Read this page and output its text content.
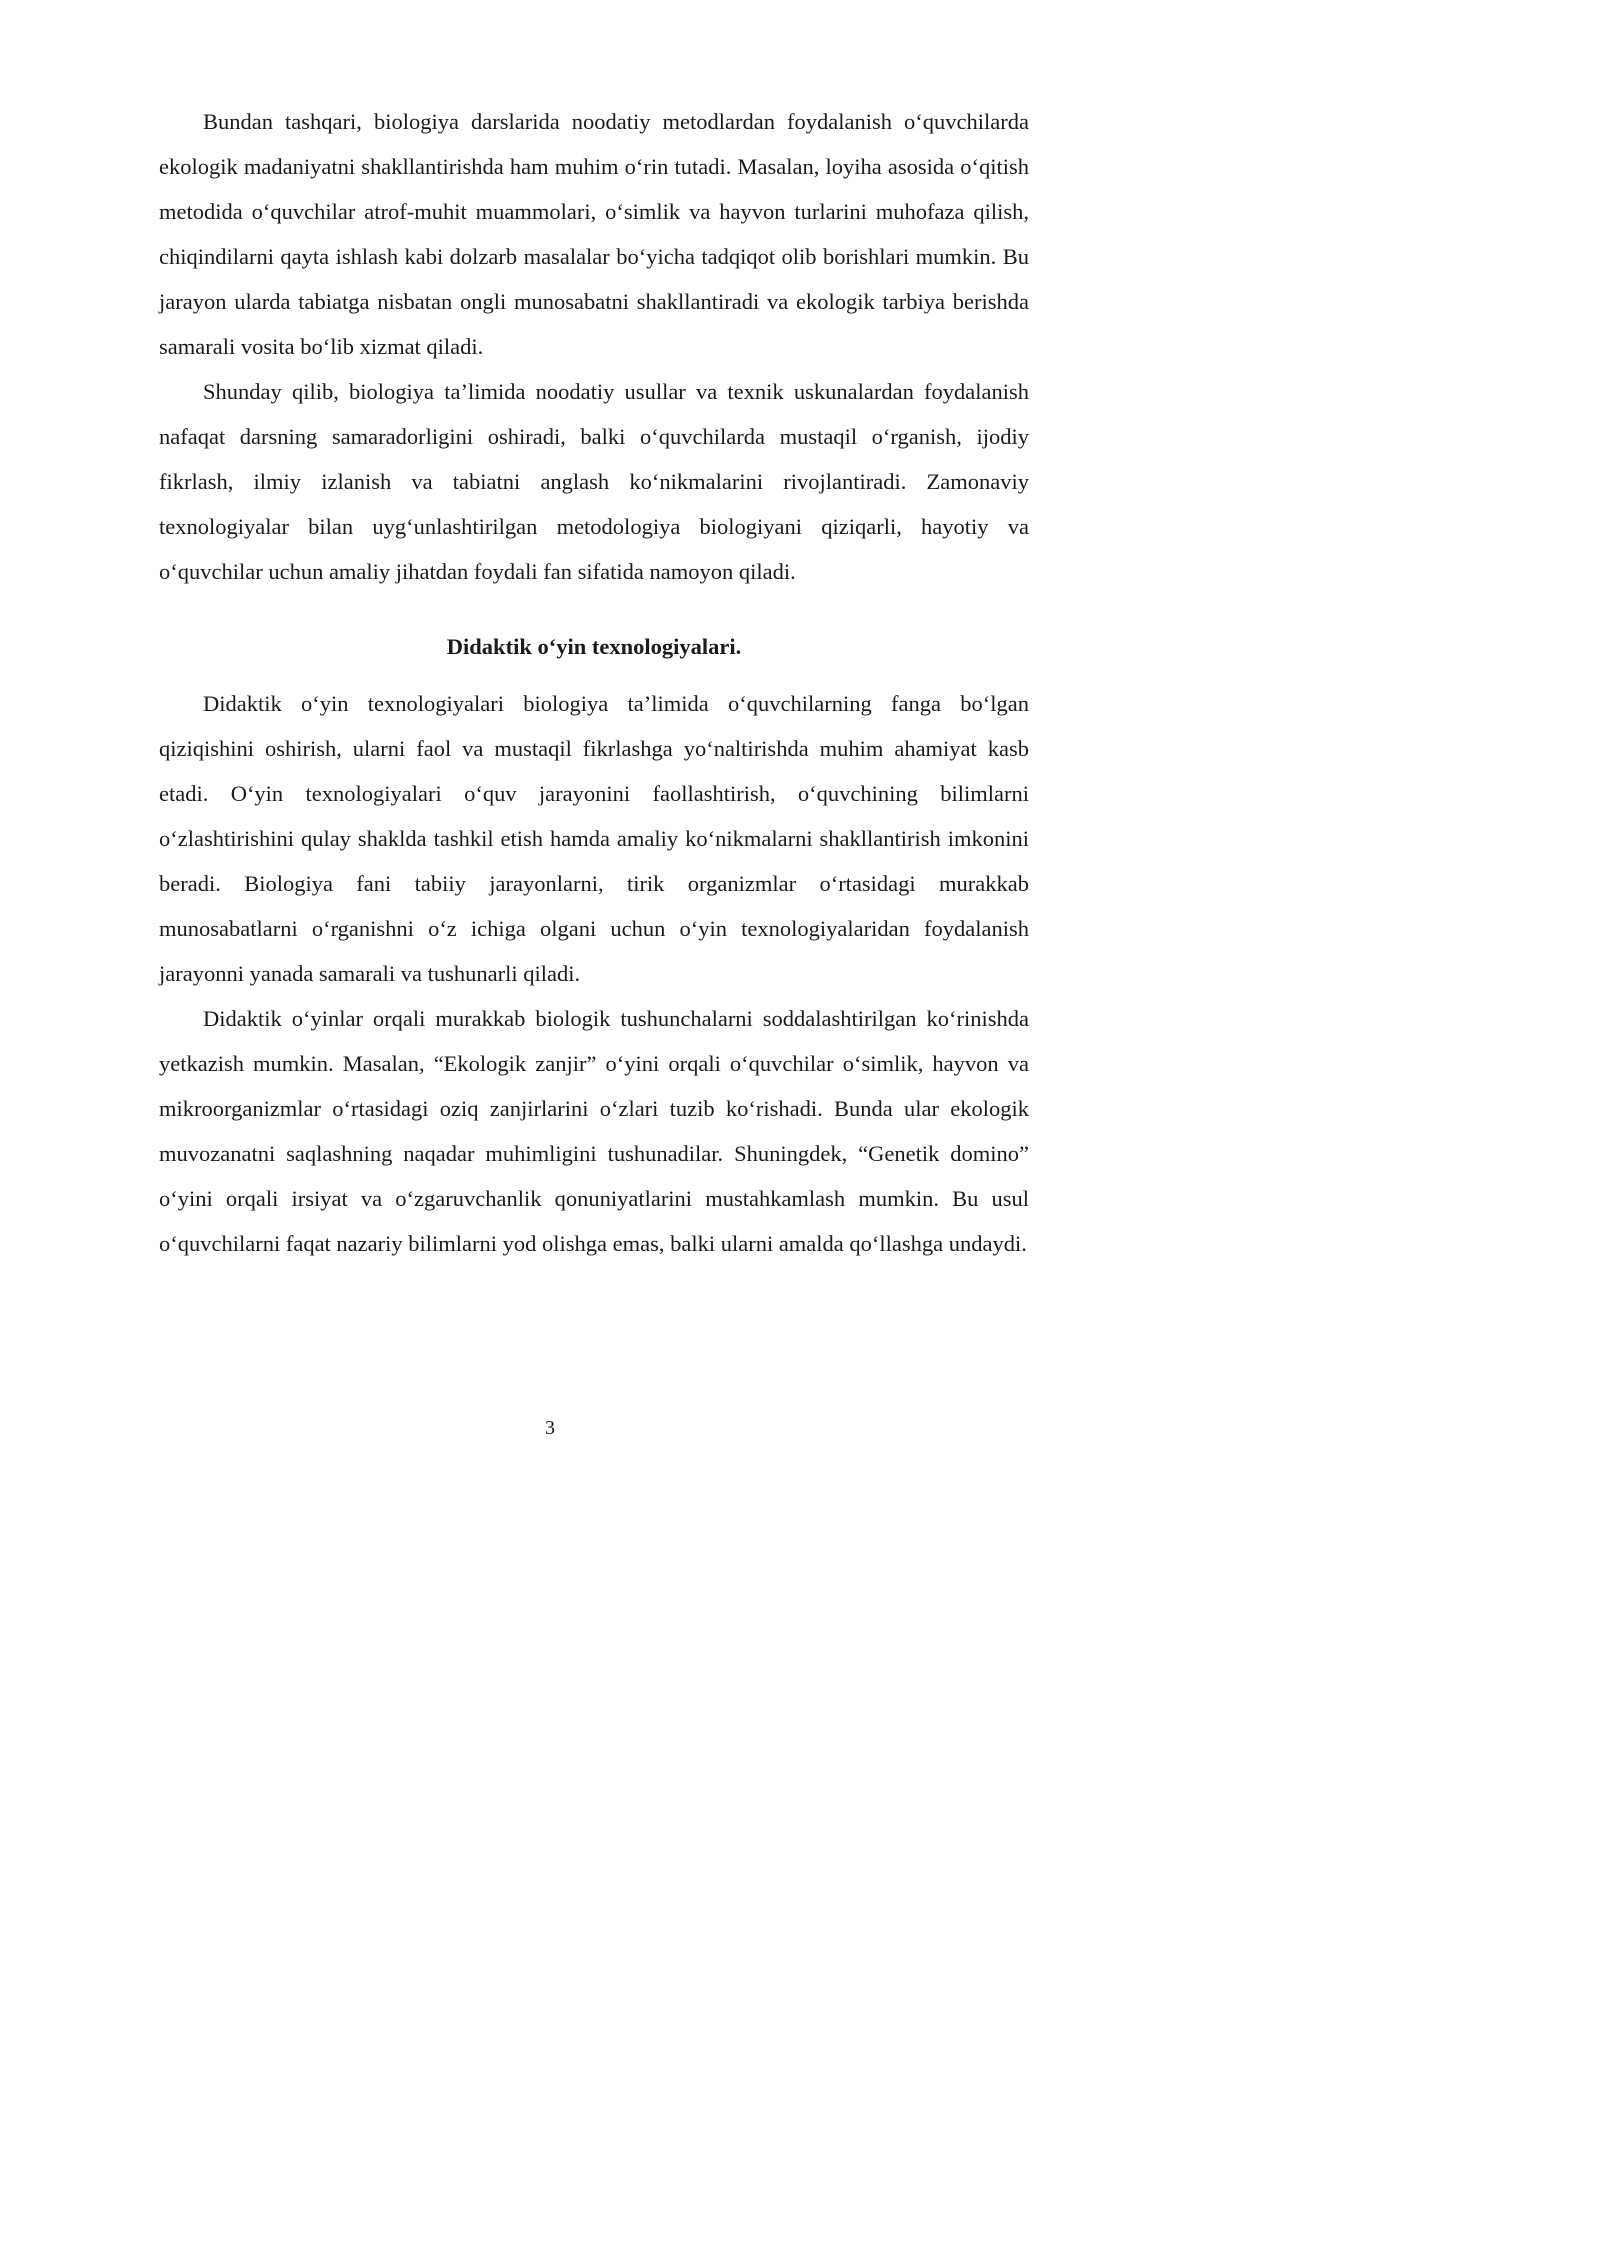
Bundan tashqari, biologiya darslarida noodatiy metodlardan foydalanish o‘quvchilarda ekologik madaniyatni shakllantirishda ham muhim o‘rin tutadi. Masalan, loyiha asosida o‘qitish metodida o‘quvchilar atrof-muhit muammolari, o‘simlik va hayvon turlarini muhofaza qilish, chiqindilarni qayta ishlash kabi dolzarb masalalar bo‘yicha tadqiqot olib borishlari mumkin. Bu jarayon ularda tabiatga nisbatan ongli munosabatni shakllantiradi va ekologik tarbiya berishda samarali vosita bo‘lib xizmat qiladi.

Shunday qilib, biologiya ta’limida noodatiy usullar va texnik uskunalardan foydalanish nafaqat darsning samaradorligini oshiradi, balki o‘quvchilarda mustaqil o‘rganish, ijodiy fikrlash, ilmiy izlanish va tabiatni anglash ko‘nikmalarini rivojlantiradi. Zamonaviy texnologiyalar bilan uyg‘unlashtirilgan metodologiya biologiyani qiziqarli, hayotiy va o‘quvchilar uchun amaliy jihatdan foydali fan sifatida namoyon qiladi.

Didaktik o‘yin texnologiyalari.

Didaktik o‘yin texnologiyalari biologiya ta’limida o‘quvchilarning fanga bo‘lgan qiziqishini oshirish, ularni faol va mustaqil fikrlashga yo‘naltirishda muhim ahamiyat kasb etadi. O‘yin texnologiyalari o‘quv jarayonini faollashtirish, o‘quvchining bilimlarni o‘zlashtirishini qulay shaklda tashkil etish hamda amaliy ko‘nikmalarni shakllantirish imkonini beradi. Biologiya fani tabiiy jarayonlarni, tirik organizmlar o‘rtasidagi murakkab munosabatlarni o‘rganishni o‘z ichiga olgani uchun o‘yin texnologiyalaridan foydalanish jarayonni yanada samarali va tushunarli qiladi.

Didaktik o‘yinlar orqali murakkab biologik tushunchalarni soddalashtirilgan ko‘rinishda yetkazish mumkin. Masalan, “Ekologik zanjir” o‘yini orqali o‘quvchilar o‘simlik, hayvon va mikroorganizmlar o‘rtasidagi oziq zanjirlarini o‘zlari tuzib ko‘rishadi. Bunda ular ekologik muvozanatni saqlashning naqadar muhimligini tushunadilar. Shuningdek, “Genetik domino” o‘yini orqali irsiyat va o‘zgaruvchanlik qonuniyatlarini mustahkamlash mumkin. Bu usul o‘quvchilarni faqat nazariy bilimlarni yod olishga emas, balki ularni amalda qo‘llashga undaydi.

3
